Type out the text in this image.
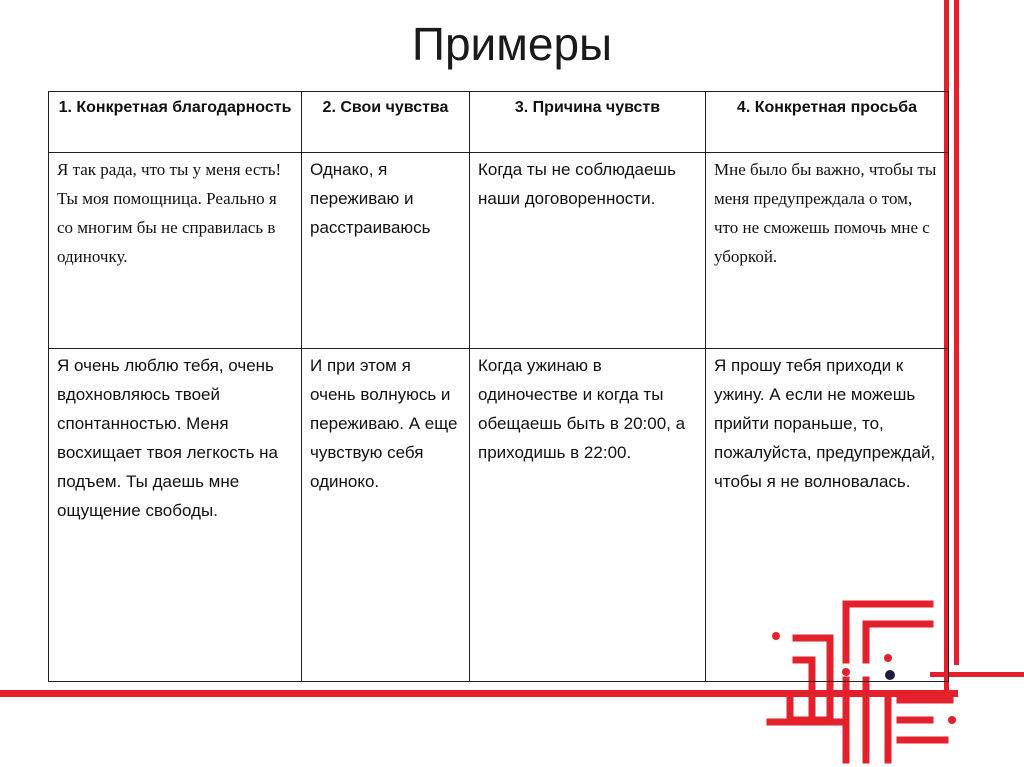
Примеры
1. Конкретная благодарность	2. Свои чувства	3. Причина чувств	4. Конкретная просьба
Я так рада, что ты у меня есть! Ты моя помощница. Реально я со многим бы не справилась в одиночку.	Однако, я переживаю и расстраиваюсь	Когда ты не соблюдаешь наши договоренности.	Мне было бы важно, чтобы ты меня предупреждала о том, что не сможешь помочь мне с уборкой.
Я очень люблю тебя, очень вдохновляюсь твоей спонтанностью. Меня восхищает твоя легкость на подъем. Ты даешь мне ощущение свободы.	И при этом я очень волнуюсь и переживаю. А еще чувствую себя одиноко.	Когда ужинаю в одиночестве и когда ты обещаешь быть в 20:00, а приходишь в 22:00.	Я прошу тебя приходи к ужину. А если не можешь прийти пораньше, то, пожалуйста, предупреждай, чтобы я не волновалась.
